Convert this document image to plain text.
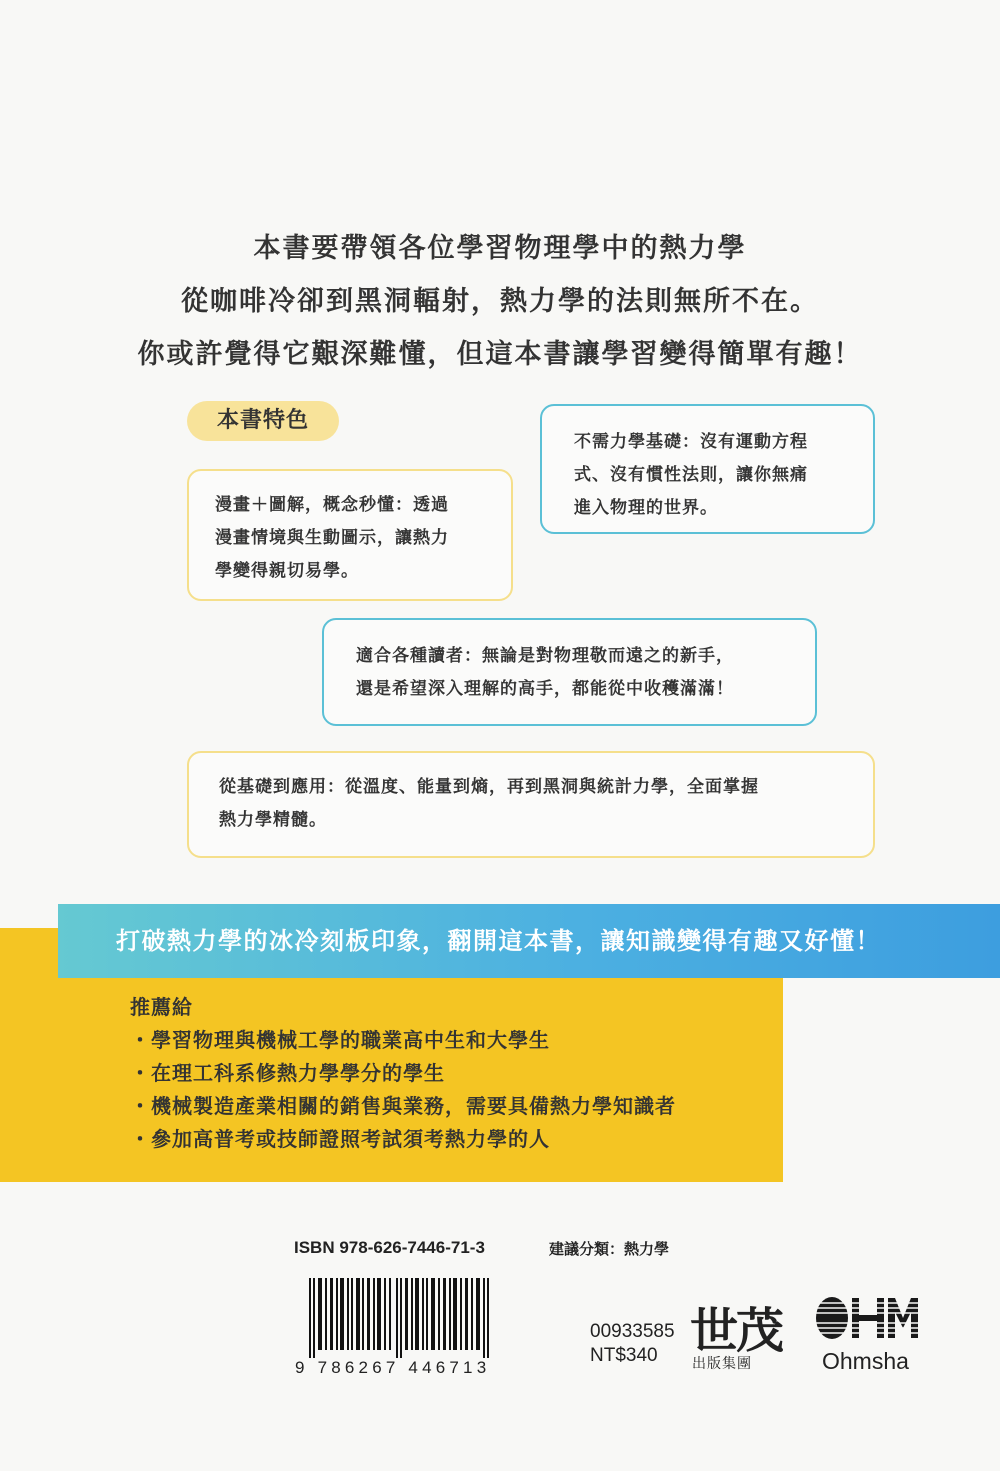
本書要帶領各位學習物理學中的熱力學
從咖啡冷卻到黑洞輻射，熱力學的法則無所不在。
你或許覺得它艱深難懂，但這本書讓學習變得簡單有趣！
本書特色
不需力學基礎：沒有運動方程
式、沒有慣性法則，讓你無痛
進入物理的世界。
漫畫＋圖解，概念秒懂：透過
漫畫情境與生動圖示，讓熱力
學變得親切易學。
適合各種讀者：無論是對物理敬而遠之的新手，
還是希望深入理解的高手，都能從中收穫滿滿！
從基礎到應用：從溫度、能量到熵，再到黑洞與統計力學，全面掌握
熱力學精髓。
打破熱力學的冰冷刻板印象，翻開這本書，讓知識變得有趣又好懂！
推薦給
・學習物理與機械工學的職業高中生和大學生
・在理工科系修熱力學學分的學生
・機械製造產業相關的銷售與業務，需要具備熱力學知識者
・參加高普考或技師證照考試須考熱力學的人
ISBN 978-626-7446-71-3	建議分類：熱力學
9 786267 446713
00933585
NT$340 世茂
出版集團	Ohmsha
